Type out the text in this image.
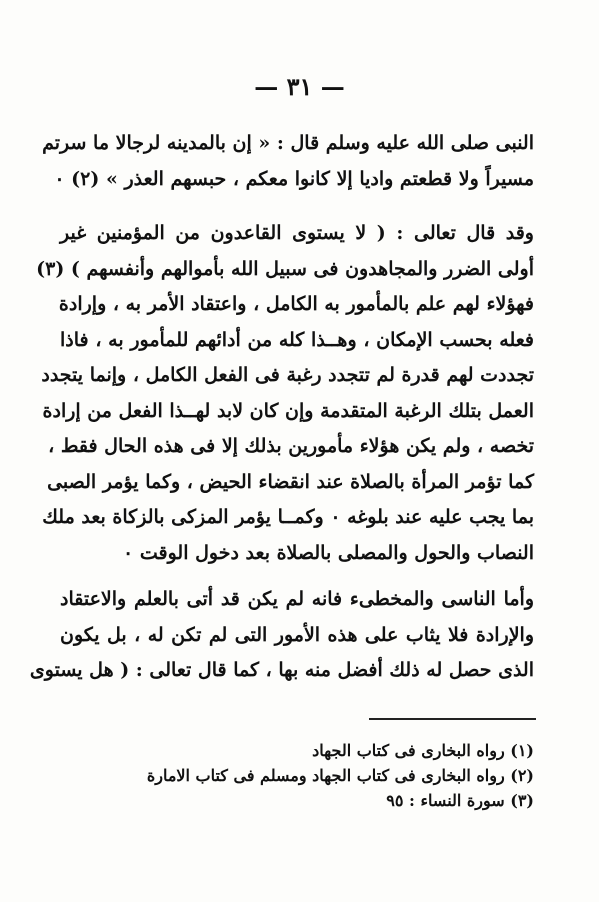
— ٣١ —
النبى صلى الله عليه وسلم قال : « إن بالمدينه لرجالا ما سرتم
مسيراً ولا قطعتم واديا إلا كانوا معكم ، حبسهم العذر » (٢) ٠
وقد قال تعالى : ( لا يستوى القاعدون من المؤمنين غير
أولى الضرر والمجاهدون فى سبيل الله بأموالهم وأنفسهم ) (٣)
فهؤلاء لهم علم بالمأمور به الكامل ، واعتقاد الأمر به ، وإرادة
فعله بحسب الإمكان ، وهــذا كله من أدائهم للمأمور به ، فاذا
تجددت لهم قدرة لم تتجدد رغبة فى الفعل الكامل ، وإنما يتجدد
العمل بتلك الرغبة المتقدمة وإن كان لابد لهــذا الفعل من إرادة
تخصه ، ولم يكن هؤلاء مأمورين بذلك إلا فى هذه الحال فقط ،
كما تؤمر المرأة بالصلاة عند انقضاء الحيض ، وكما يؤمر الصبى
بما يجب عليه عند بلوغه ٠ وكمــا يؤمر المزكى بالزكاة بعد ملك
النصاب والحول والمصلى بالصلاة بعد دخول الوقت ٠
وأما الناسى والمخطىء فانه لم يكن قد أتى بالعلم والاعتقاد
والإرادة فلا يثاب على هذه الأمور التى لم تكن له ، بل يكون
الذى حصل له ذلك أفضل منه بها ، كما قال تعالى : ( هل يستوى
(١) رواه البخارى فى كتاب الجهاد
(٢) رواه البخارى فى كتاب الجهاد ومسلم فى كتاب الامارة
(٣) سورة النساء : ٩٥
